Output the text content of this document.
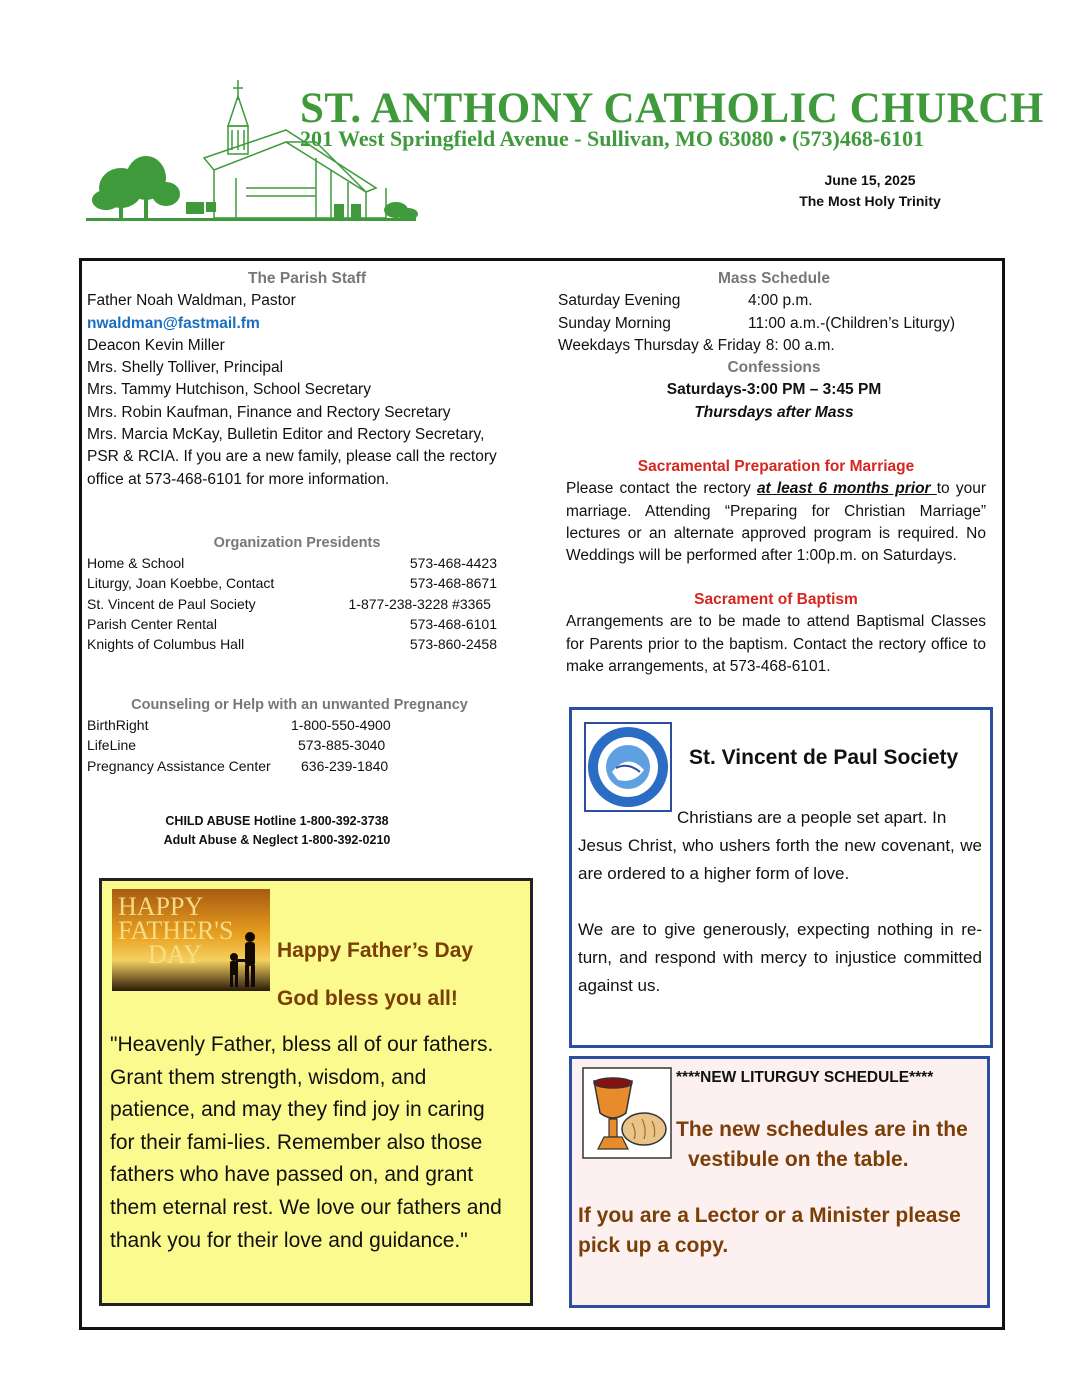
ST. ANTHONY CATHOLIC CHURCH
201 West Springfield Avenue - Sullivan, MO 63080 • (573)468-6101
June 15, 2025
The Most Holy Trinity
The Parish Staff
Father Noah Waldman, Pastor
nwaldman@fastmail.fm
Deacon Kevin Miller
Mrs. Shelly Tolliver, Principal
Mrs. Tammy Hutchison, School Secretary
Mrs. Robin Kaufman, Finance and Rectory Secretary
Mrs. Marcia McKay, Bulletin Editor and Rectory Secretary,
PSR & RCIA. If you are a new family, please call the rectory
office at 573-468-6101 for more information.
Organization Presidents
Home & School	573-468-4423
Liturgy, Joan Koebbe, Contact	573-468-8671
St. Vincent de Paul Society	1-877-238-3228 #3365
Parish Center Rental	573-468-6101
Knights of Columbus Hall	573-860-2458
Counseling or Help with an unwanted Pregnancy
BirthRight	1-800-550-4900
LifeLine	573-885-3040
Pregnancy Assistance Center	636-239-1840
CHILD ABUSE Hotline 1-800-392-3738
Adult Abuse & Neglect 1-800-392-0210
HAPPY
FATHER'S
DAY	Happy Father’s Day
God bless you all!
"Heavenly Father, bless all of our fathers. Grant them strength, wisdom, and patience, and may they find joy in caring for their fami-lies. Remember also those fathers who have passed on, and grant them eternal rest. We love our fathers and thank you for their love and guidance."
Mass Schedule
Saturday Evening	4:00 p.m.
Sunday Morning	11:00 a.m.-(Children’s Liturgy)
Weekdays Thursday & Friday 8: 00 a.m.
Confessions
Saturdays-3:00 PM – 3:45 PM
Thursdays after Mass
Sacramental Preparation for Marriage
Please contact the rectory at least 6 months prior to your marriage. Attending “Preparing for Christian Marriage” lectures or an alternate approved program is required. No Weddings will be performed after 1:00p.m. on Saturdays.
Sacrament of Baptism
Arrangements are to be made to attend Baptismal Classes for Parents prior to the baptism. Contact the rectory office to make arrangements, at 573-468-6101.
St. Vincent de Paul Society
Christians are a people set apart. In
Jesus Christ, who ushers forth the new covenant, we are ordered to a higher form of love.
We are to give generously, expecting nothing in re-turn, and respond with mercy to injustice committed against us.
****NEW LITURGUY SCHEDULE****
The new schedules are in the
vestibule on the table.
If you are a Lector or a Minister please pick up a copy.
